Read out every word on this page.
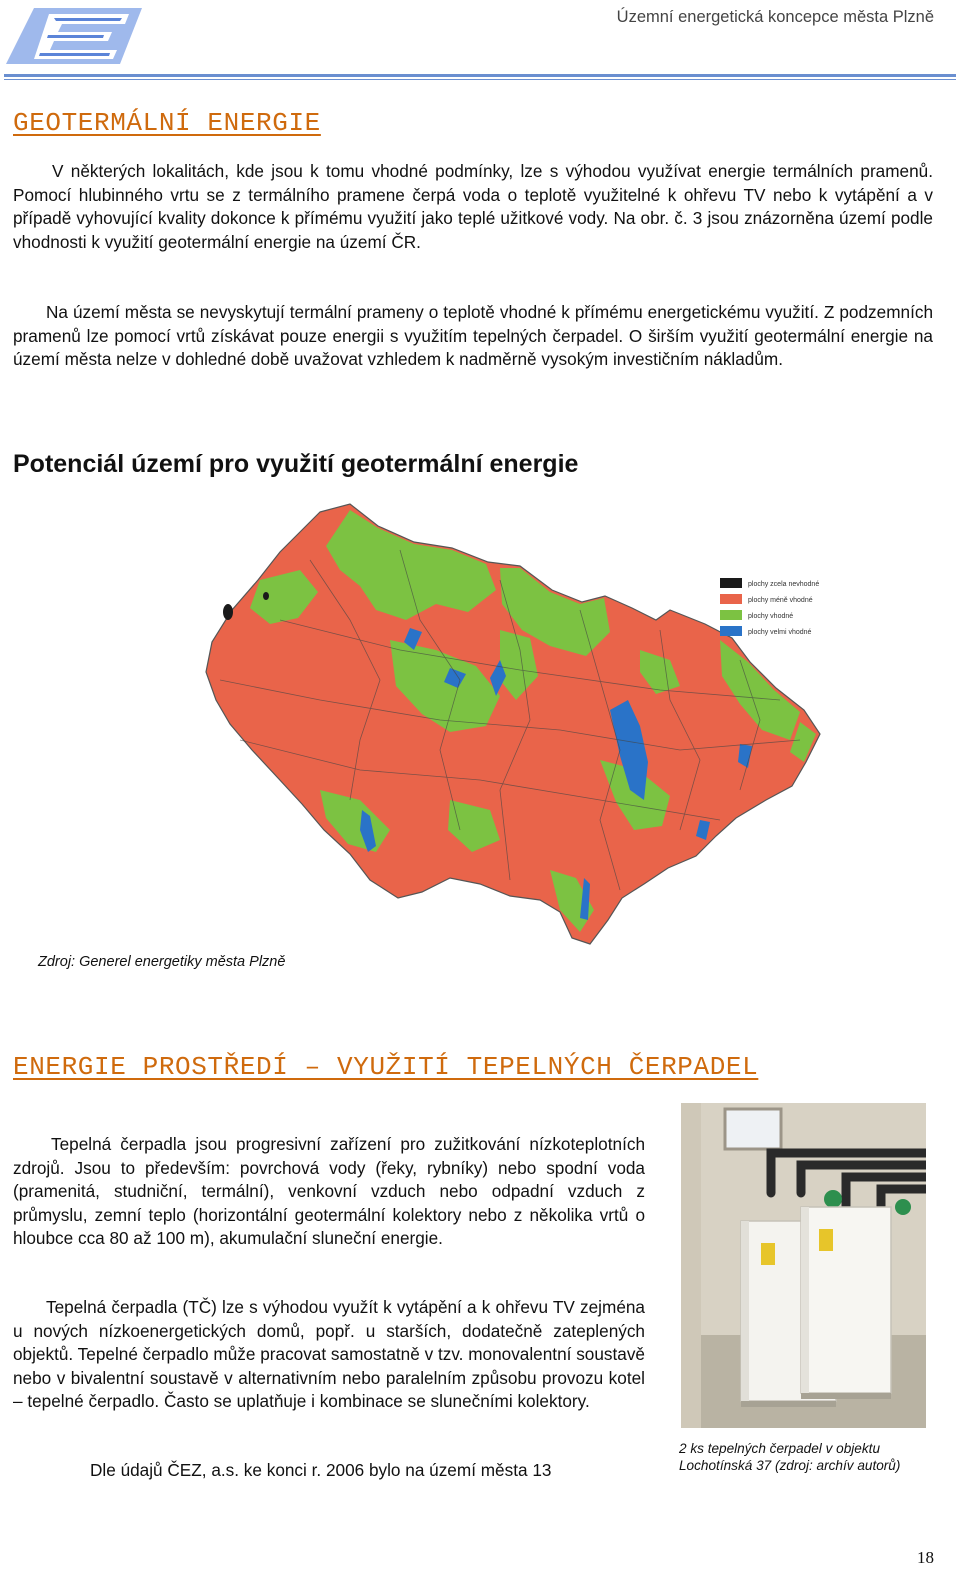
Územní energetická koncepce města Plzně
GEOTERMÁLNÍ ENERGIE

V některých lokalitách, kde jsou k tomu vhodné podmínky, lze s výhodou využívat energie termálních pramenů. Pomocí hlubinného vrtu se z termálního pramene čerpá voda o teplotě využitelné k ohřevu TV nebo k vytápění a v případě vyhovující kvality dokonce k přímému využití jako teplé užitkové vody. Na obr. č. 3 jsou znázorněna území podle vhodnosti k využití geotermální energie na území ČR.

Na území města se nevyskytují termální prameny o teplotě vhodné k přímému energetickému využití. Z podzemních pramenů lze pomocí vrtů získávat pouze energii s využitím tepelných čerpadel. O širším využití geotermální energie na území města nelze v dohledné době uvažovat vzhledem k nadměrně vysokým investičním nákladům.

Potenciál území pro využití geotermální energie
plochy zcela nevhodné
plochy méně vhodné
plochy vhodné
plochy velmi vhodné
Zdroj: Generel energetiky města Plzně
ENERGIE PROSTŘEDÍ – VYUŽITÍ TEPELNÝCH ČERPADEL

Tepelná čerpadla jsou progresivní zařízení pro zužitkování nízkoteplotních zdrojů. Jsou to především: povrchová vody (řeky, rybníky) nebo spodní voda (pramenitá, studniční, termální), venkovní vzduch nebo odpadní vzduch z průmyslu, zemní teplo (horizontální geotermální kolektory nebo z několika vrtů o hloubce cca 80 až 100 m), akumulační sluneční energie.

Tepelná čerpadla (TČ) lze s výhodou využít k vytápění a k ohřevu TV zejména u nových nízkoenergetických domů, popř. u starších, dodatečně zateplených objektů. Tepelné čerpadlo může pracovat samostatně v tzv. monovalentní soustavě nebo v bivalentní soustavě v alternativním nebo paralelním způsobu provozu kotel – tepelné čerpadlo. Často se uplatňuje i kombinace se slunečními kolektory.

Dle údajů ČEZ, a.s. ke konci r. 2006 bylo na území města 13
2 ks tepelných čerpadel v objektu Lochotínská 37 (zdroj: archív autorů)
18
